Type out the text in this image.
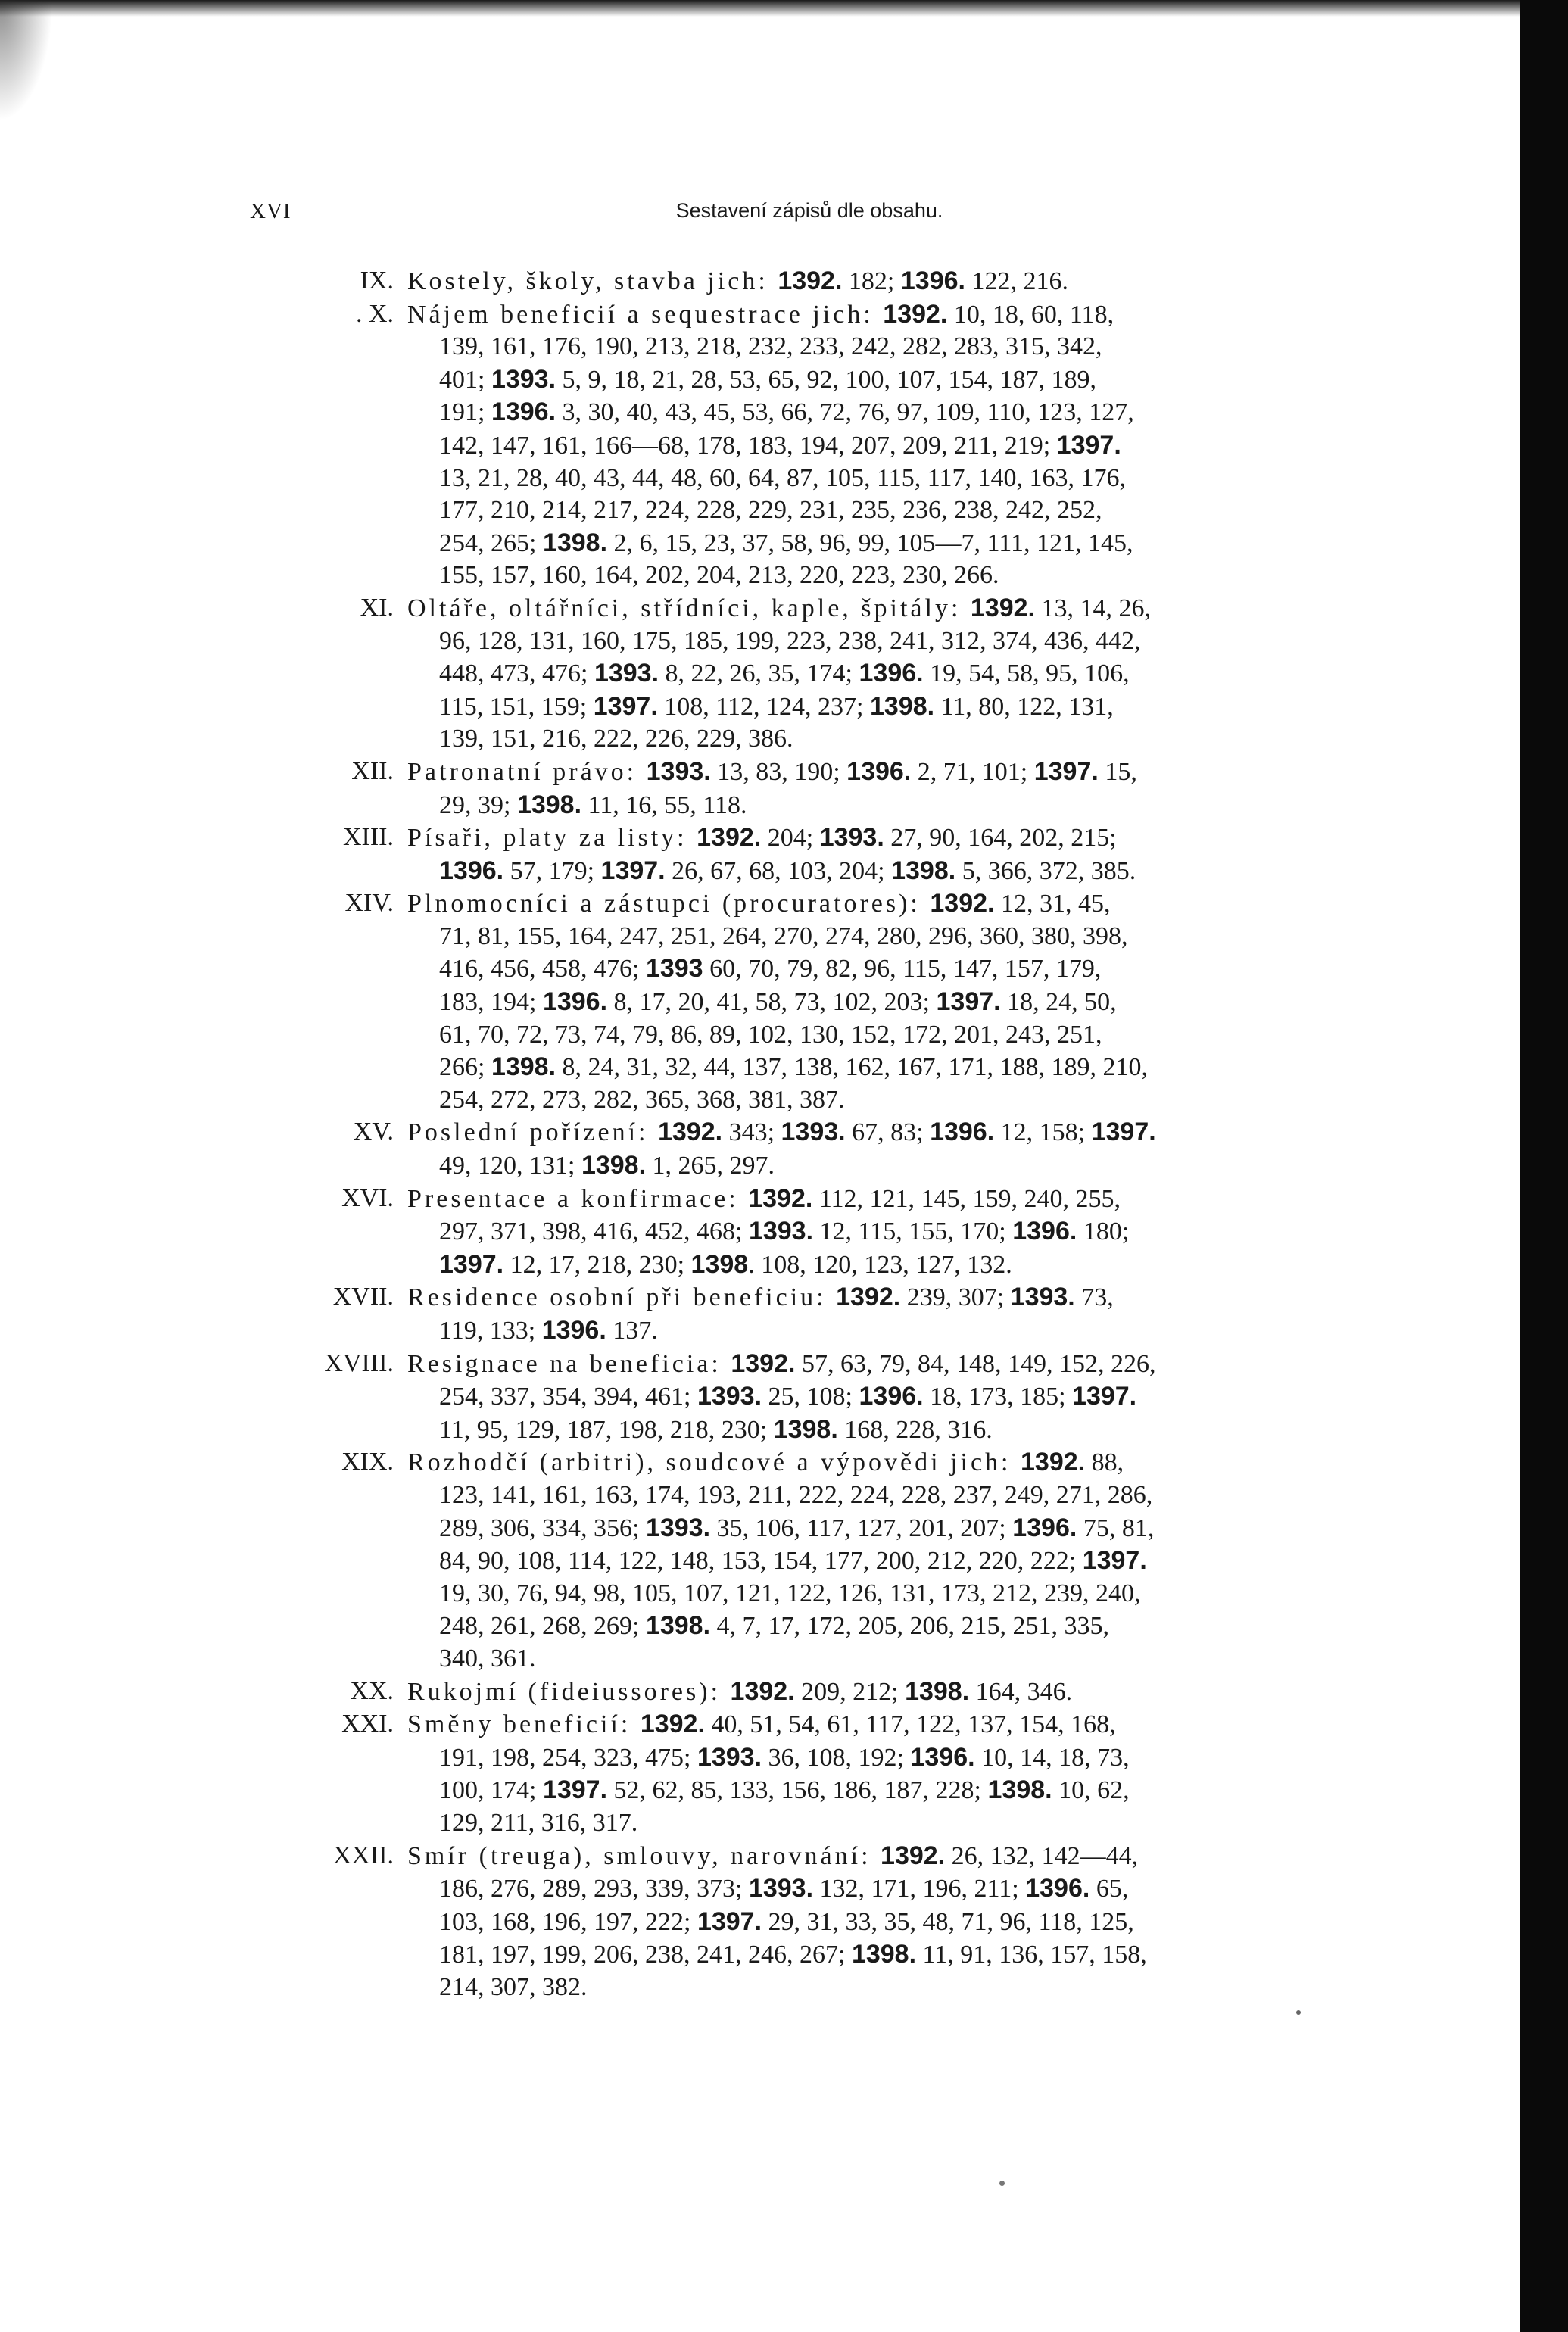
XVI	Sestavení zápisů dle obsahu.
IX. Kostely, školy, stavba jich: 1392. 182; 1396. 122, 216.
. X. Nájem beneficií a sequestrace jich: 1392. 10, 18, 60, 118,
139, 161, 176, 190, 213, 218, 232, 233, 242, 282, 283, 315, 342,
401; 1393. 5, 9, 18, 21, 28, 53, 65, 92, 100, 107, 154, 187, 189,
191; 1396. 3, 30, 40, 43, 45, 53, 66, 72, 76, 97, 109, 110, 123, 127,
142, 147, 161, 166—68, 178, 183, 194, 207, 209, 211, 219; 1397.
13, 21, 28, 40, 43, 44, 48, 60, 64, 87, 105, 115, 117, 140, 163, 176,
177, 210, 214, 217, 224, 228, 229, 231, 235, 236, 238, 242, 252,
254, 265; 1398. 2, 6, 15, 23, 37, 58, 96, 99, 105—7, 111, 121, 145,
155, 157, 160, 164, 202, 204, 213, 220, 223, 230, 266.
XI. Oltáře, oltářníci, střídníci, kaple, špitály: 1392. 13, 14, 26,
96, 128, 131, 160, 175, 185, 199, 223, 238, 241, 312, 374, 436, 442,
448, 473, 476; 1393. 8, 22, 26, 35, 174; 1396. 19, 54, 58, 95, 106,
115, 151, 159; 1397. 108, 112, 124, 237; 1398. 11, 80, 122, 131,
139, 151, 216, 222, 226, 229, 386.
XII. Patronatní právo: 1393. 13, 83, 190; 1396. 2, 71, 101; 1397. 15,
29, 39; 1398. 11, 16, 55, 118.
XIII. Písaři, platy za listy: 1392. 204; 1393. 27, 90, 164, 202, 215;
1396. 57, 179; 1397. 26, 67, 68, 103, 204; 1398. 5, 366, 372, 385.
XIV. Plnomocníci a zástupci (procuratores): 1392. 12, 31, 45,
71, 81, 155, 164, 247, 251, 264, 270, 274, 280, 296, 360, 380, 398,
416, 456, 458, 476; 1393 60, 70, 79, 82, 96, 115, 147, 157, 179,
183, 194; 1396. 8, 17, 20, 41, 58, 73, 102, 203; 1397. 18, 24, 50,
61, 70, 72, 73, 74, 79, 86, 89, 102, 130, 152, 172, 201, 243, 251,
266; 1398. 8, 24, 31, 32, 44, 137, 138, 162, 167, 171, 188, 189, 210,
254, 272, 273, 282, 365, 368, 381, 387.
XV. Poslední pořízení: 1392. 343; 1393. 67, 83; 1396. 12, 158; 1397.
49, 120, 131; 1398. 1, 265, 297.
XVI. Presentace a konfirmace: 1392. 112, 121, 145, 159, 240, 255,
297, 371, 398, 416, 452, 468; 1393. 12, 115, 155, 170; 1396. 180;
1397. 12, 17, 218, 230; 1398. 108, 120, 123, 127, 132.
XVII. Residence osobní při beneficiu: 1392. 239, 307; 1393. 73,
119, 133; 1396. 137.
XVIII. Resignace na beneficia: 1392. 57, 63, 79, 84, 148, 149, 152, 226,
254, 337, 354, 394, 461; 1393. 25, 108; 1396. 18, 173, 185; 1397.
11, 95, 129, 187, 198, 218, 230; 1398. 168, 228, 316.
XIX. Rozhodčí (arbitri), soudcové a výpovědi jich: 1392. 88,
123, 141, 161, 163, 174, 193, 211, 222, 224, 228, 237, 249, 271, 286,
289, 306, 334, 356; 1393. 35, 106, 117, 127, 201, 207; 1396. 75, 81,
84, 90, 108, 114, 122, 148, 153, 154, 177, 200, 212, 220, 222; 1397.
19, 30, 76, 94, 98, 105, 107, 121, 122, 126, 131, 173, 212, 239, 240,
248, 261, 268, 269; 1398. 4, 7, 17, 172, 205, 206, 215, 251, 335,
340, 361.
XX. Rukojmí (fideiussores): 1392. 209, 212; 1398. 164, 346.
XXI. Směny beneficií: 1392. 40, 51, 54, 61, 117, 122, 137, 154, 168,
191, 198, 254, 323, 475; 1393. 36, 108, 192; 1396. 10, 14, 18, 73,
100, 174; 1397. 52, 62, 85, 133, 156, 186, 187, 228; 1398. 10, 62,
129, 211, 316, 317.
XXII. Smír (treuga), smlouvy, narovnání: 1392. 26, 132, 142—44,
186, 276, 289, 293, 339, 373; 1393. 132, 171, 196, 211; 1396. 65,
103, 168, 196, 197, 222; 1397. 29, 31, 33, 35, 48, 71, 96, 118, 125,
181, 197, 199, 206, 238, 241, 246, 267; 1398. 11, 91, 136, 157, 158,
214, 307, 382.
